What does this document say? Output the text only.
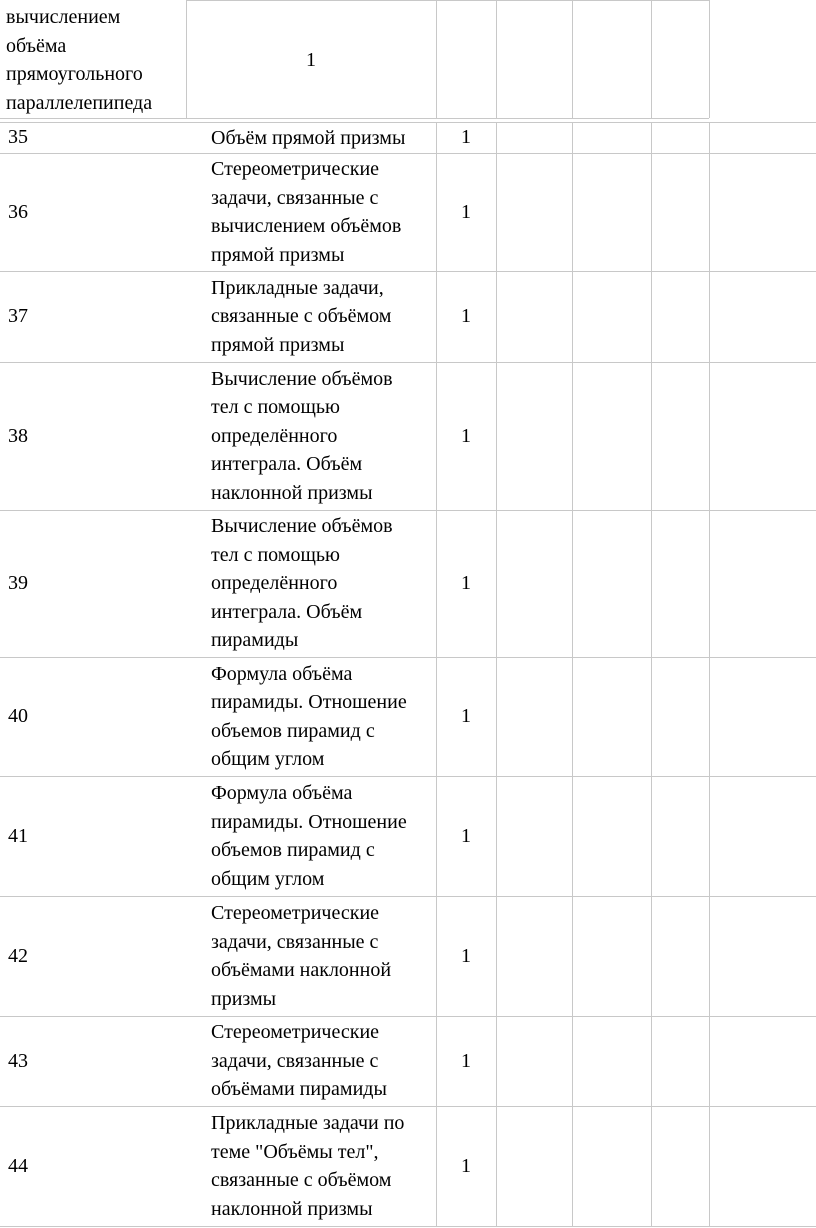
вычислением
объёма
прямоугольного
параллелепипеда
1
35	Объём прямой призмы	1
36
Стереометрические
задачи, связанные с
вычислением объёмов
прямой призмы
1
37
Прикладные задачи,
связанные с объёмом
прямой призмы
1
38
Вычисление объёмов
тел с помощью
определённого
интеграла. Объём
наклонной призмы
1
39
Вычисление объёмов
тел с помощью
определённого
интеграла. Объём
пирамиды
1
40
Формула объёма
пирамиды. Отношение
объемов пирамид с
общим углом
1
41
Формула объёма
пирамиды. Отношение
объемов пирамид с
общим углом
1
42
Стереометрические
задачи, связанные с
объёмами наклонной
призмы
1
43
Стереометрические
задачи, связанные с
объёмами пирамиды
1
44
Прикладные задачи по
теме "Объёмы тел",
связанные с объёмом
наклонной призмы
1
